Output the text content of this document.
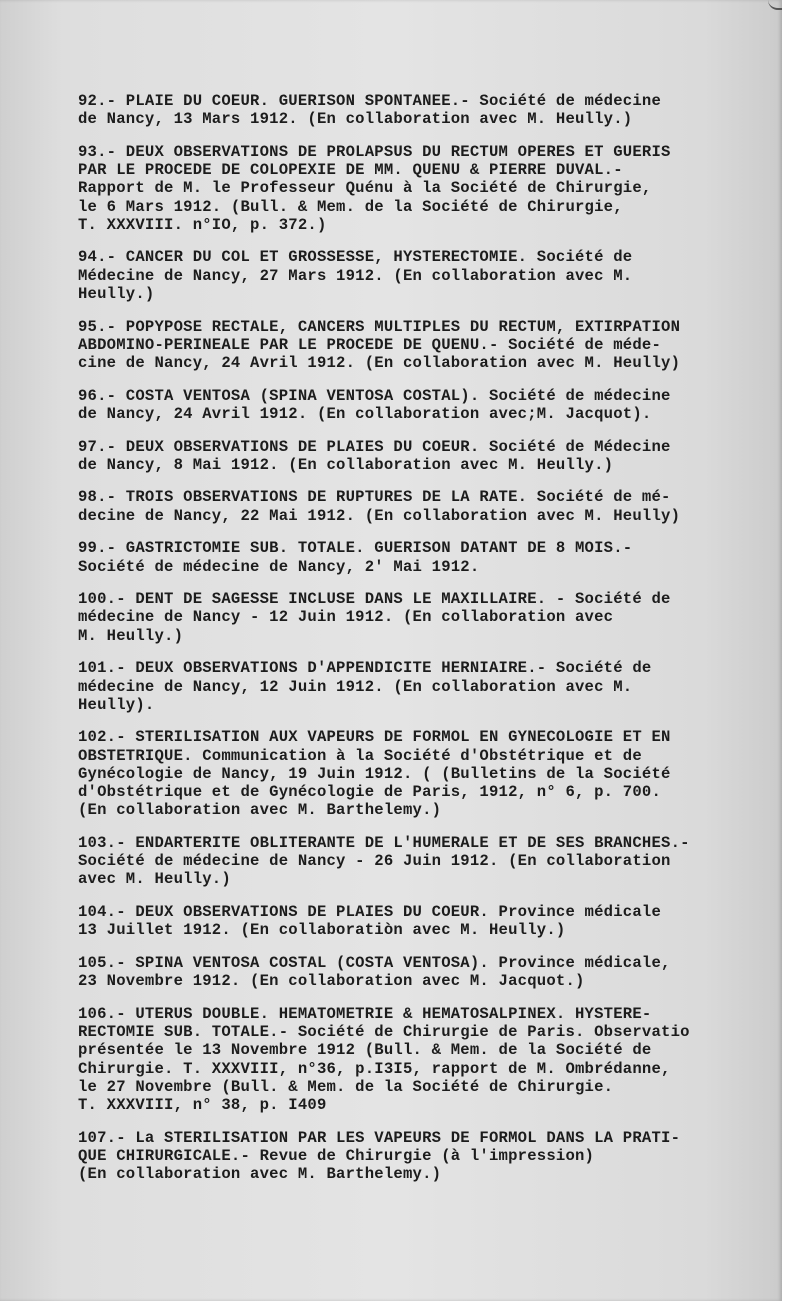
92.- PLAIE DU COEUR. GUERISON SPONTANEE.- Société de médecine
de Nancy, 13 Mars 1912. (En collaboration avec M. Heully.)
93.- DEUX OBSERVATIONS DE PROLAPSUS DU RECTUM OPERES ET GUERIS
PAR LE PROCEDE DE COLOPEXIE DE MM. QUENU & PIERRE DUVAL.-
Rapport de M. le Professeur Quénu à la Société de Chirurgie,
le 6 Mars 1912. (Bull. & Mem. de la Société de Chirurgie,
T. XXXVIII. n°IO, p. 372.)
94.- CANCER DU COL ET GROSSESSE, HYSTERECTOMIE. Société de
Médecine de Nancy, 27 Mars 1912. (En collaboration avec M.
Heully.)
95.- POPYPOSE RECTALE, CANCERS MULTIPLES DU RECTUM, EXTIRPATION
ABDOMINO-PERINEALE PAR LE PROCEDE DE QUENU.- Société de méde-
cine de Nancy, 24 Avril 1912. (En collaboration avec M. Heully)
96.- COSTA VENTOSA (SPINA VENTOSA COSTAL). Société de médecine
de Nancy, 24 Avril 1912. (En collaboration avec;M. Jacquot).
97.- DEUX OBSERVATIONS DE PLAIES DU COEUR. Société de Médecine
de Nancy, 8 Mai 1912. (En collaboration avec M. Heully.)
98.- TROIS OBSERVATIONS DE RUPTURES DE LA RATE. Société de mé-
decine de Nancy, 22 Mai 1912. (En collaboration avec M. Heully)
99.- GASTRICTOMIE SUB. TOTALE. GUERISON DATANT DE 8 MOIS.-
Société de médecine de Nancy, 2' Mai 1912.
100.- DENT DE SAGESSE INCLUSE DANS LE MAXILLAIRE. - Société de
médecine de Nancy - 12 Juin 1912. (En collaboration avec
M. Heully.)
101.- DEUX OBSERVATIONS D'APPENDICITE HERNIAIRE.- Société de
médecine de Nancy, 12 Juin 1912. (En collaboration avec M.
Heully).
102.- STERILISATION AUX VAPEURS DE FORMOL EN GYNECOLOGIE ET EN
OBSTETRIQUE. Communication à la Société d'Obstétrique et de
Gynécologie de Nancy, 19 Juin 1912. ( (Bulletins de la Société
d'Obstétrique et de Gynécologie de Paris, 1912, n° 6, p. 700.
(En collaboration avec M. Barthelemy.)
103.- ENDARTERITE OBLITERANTE DE L'HUMERALE ET DE SES BRANCHES.-
Société de médecine de Nancy - 26 Juin 1912. (En collaboration
avec M. Heully.)
104.- DEUX OBSERVATIONS DE PLAIES DU COEUR. Province médicale
13 Juillet 1912. (En collaboratiòn avec M. Heully.)
105.- SPINA VENTOSA COSTAL (COSTA VENTOSA). Province médicale,
23 Novembre 1912. (En collaboration avec M. Jacquot.)
106.- UTERUS DOUBLE. HEMATOMETRIE & HEMATOSALPINEX. HYSTERE-
RECTOMIE SUB. TOTALE.- Société de Chirurgie de Paris. Observatio
présentée le 13 Novembre 1912 (Bull. & Mem. de la Société de
Chirurgie. T. XXXVIII, n°36, p.I3I5, rapport de M. Ombrédanne,
le 27 Novembre (Bull. & Mem. de la Société de Chirurgie.
T. XXXVIII, n° 38, p. I409
107.- La STERILISATION PAR LES VAPEURS DE FORMOL DANS LA PRATI-
QUE CHIRURGICALE.- Revue de Chirurgie (à l'impression)
(En collaboration avec M. Barthelemy.)
